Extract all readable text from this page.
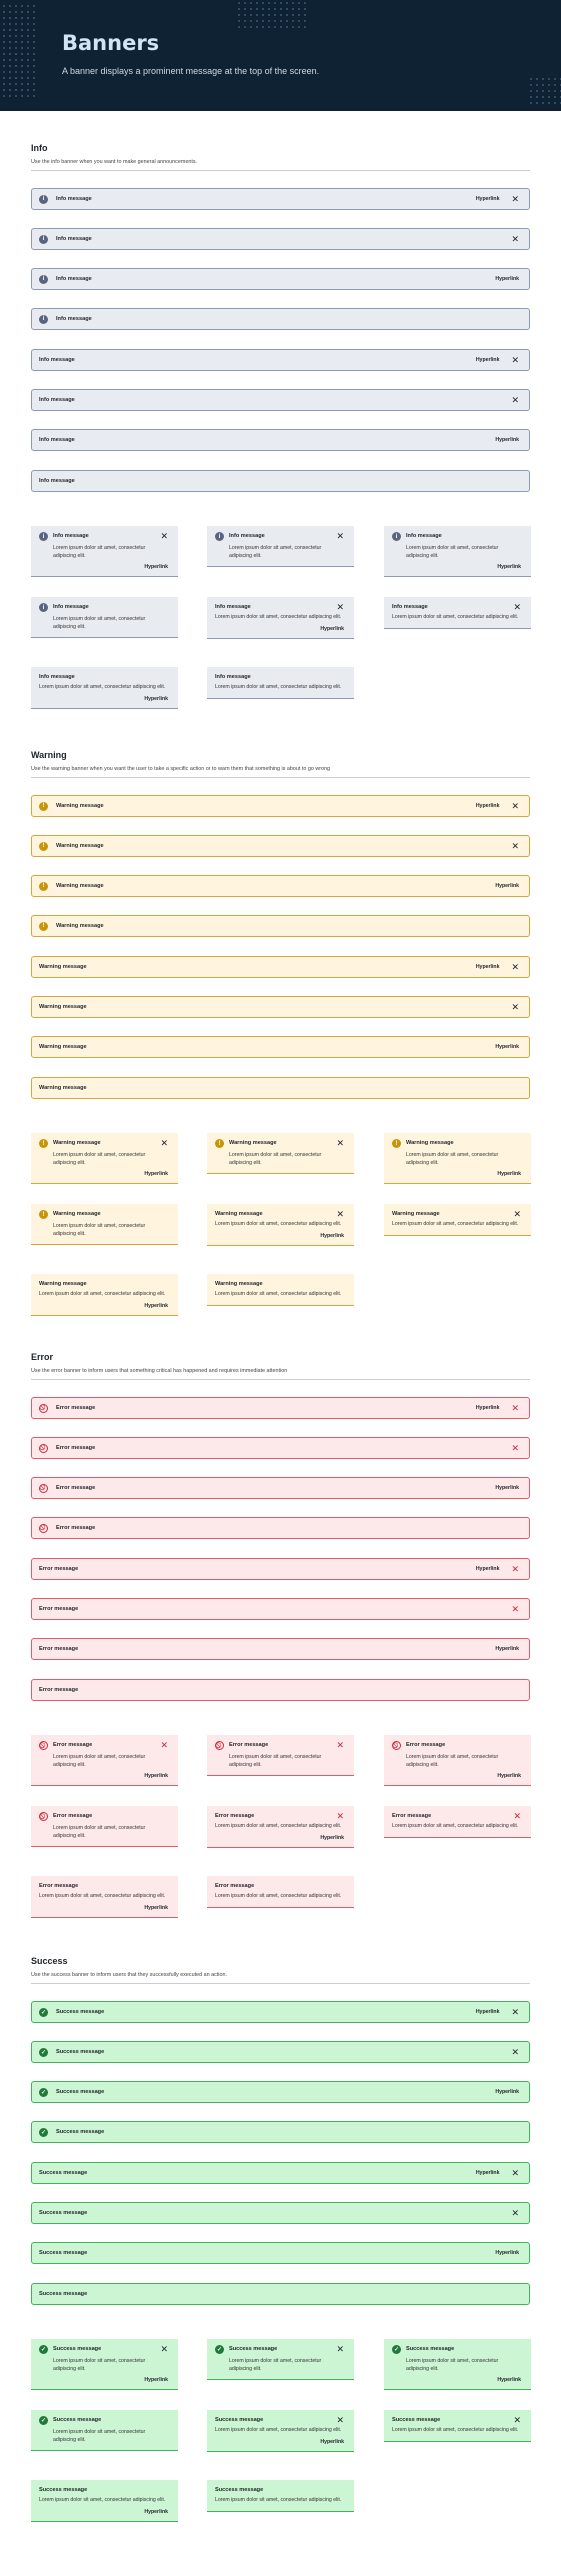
Banners
A banner displays a prominent message at the top of the screen.
Info
Use the info banner when you want to make general announcements.
i	Info message	Hyperlink ✕
i	Info message	✕
i	Info message	Hyperlink
i	Info message
Info message	Hyperlink ✕
Info message	✕
Info message	Hyperlink
Info message
i	Info message	✕
Lorem ipsum dolor sit amet, consectetur adipiscing elit.
Hyperlink
i	Info message	✕
Lorem ipsum dolor sit amet, consectetur adipiscing elit.
i	Info message
Lorem ipsum dolor sit amet, consectetur adipiscing elit.
Hyperlink
i	Info message
Lorem ipsum dolor sit amet, consectetur adipiscing elit.
Info message	✕
Lorem ipsum dolor sit amet, consectetur adipiscing elit.
Hyperlink
Info message	✕
Lorem ipsum dolor sit amet, consectetur adipiscing elit.
Info message
Lorem ipsum dolor sit amet, consectetur adipiscing elit.
Hyperlink
Info message
Lorem ipsum dolor sit amet, consectetur adipiscing elit.
Warning
Use the warning banner when you want the user to take a specific action or to warn them that something is about to go wrong
!	Warning message	Hyperlink ✕
!	Warning message	✕
!	Warning message	Hyperlink
!	Warning message
Warning message	Hyperlink ✕
Warning message	✕
Warning message	Hyperlink
Warning message
!	Warning message	✕
Lorem ipsum dolor sit amet, consectetur adipiscing elit.
Hyperlink
!	Warning message	✕
Lorem ipsum dolor sit amet, consectetur adipiscing elit.
!	Warning message
Lorem ipsum dolor sit amet, consectetur adipiscing elit.
Hyperlink
!	Warning message
Lorem ipsum dolor sit amet, consectetur adipiscing elit.
Warning message	✕
Lorem ipsum dolor sit amet, consectetur adipiscing elit.
Hyperlink
Warning message	✕
Lorem ipsum dolor sit amet, consectetur adipiscing elit.
Warning message
Lorem ipsum dolor sit amet, consectetur adipiscing elit.
Hyperlink
Warning message
Lorem ipsum dolor sit amet, consectetur adipiscing elit.
Error
Use the error banner to inform users that something critical has happened and requires immediate attention
Error message	Hyperlink ✕
Error message	✕
Error message	Hyperlink
Error message
Error message	Hyperlink ✕
Error message	✕
Error message	Hyperlink
Error message
Error message	✕
Lorem ipsum dolor sit amet, consectetur adipiscing elit.
Hyperlink
Error message	✕
Lorem ipsum dolor sit amet, consectetur adipiscing elit.
Error message
Lorem ipsum dolor sit amet, consectetur adipiscing elit.
Hyperlink
Error message
Lorem ipsum dolor sit amet, consectetur adipiscing elit.
Error message	✕
Lorem ipsum dolor sit amet, consectetur adipiscing elit.
Hyperlink
Error message	✕
Lorem ipsum dolor sit amet, consectetur adipiscing elit.
Error message
Lorem ipsum dolor sit amet, consectetur adipiscing elit.
Hyperlink
Error message
Lorem ipsum dolor sit amet, consectetur adipiscing elit.
Success
Use the success banner to inform users that they successfully executed an action.
✓	Success message	Hyperlink ✕
✓	Success message	✕
✓	Success message	Hyperlink
✓	Success message
Success message	Hyperlink ✕
Success message	✕
Success message	Hyperlink
Success message
✓	Success message	✕
Lorem ipsum dolor sit amet, consectetur adipiscing elit.
Hyperlink
✓	Success message	✕
Lorem ipsum dolor sit amet, consectetur adipiscing elit.
✓	Success message
Lorem ipsum dolor sit amet, consectetur adipiscing elit.
Hyperlink
✓	Success message
Lorem ipsum dolor sit amet, consectetur adipiscing elit.
Success message	✕
Lorem ipsum dolor sit amet, consectetur adipiscing elit.
Hyperlink
Success message	✕
Lorem ipsum dolor sit amet, consectetur adipiscing elit.
Success message
Lorem ipsum dolor sit amet, consectetur adipiscing elit.
Hyperlink
Success message
Lorem ipsum dolor sit amet, consectetur adipiscing elit.
